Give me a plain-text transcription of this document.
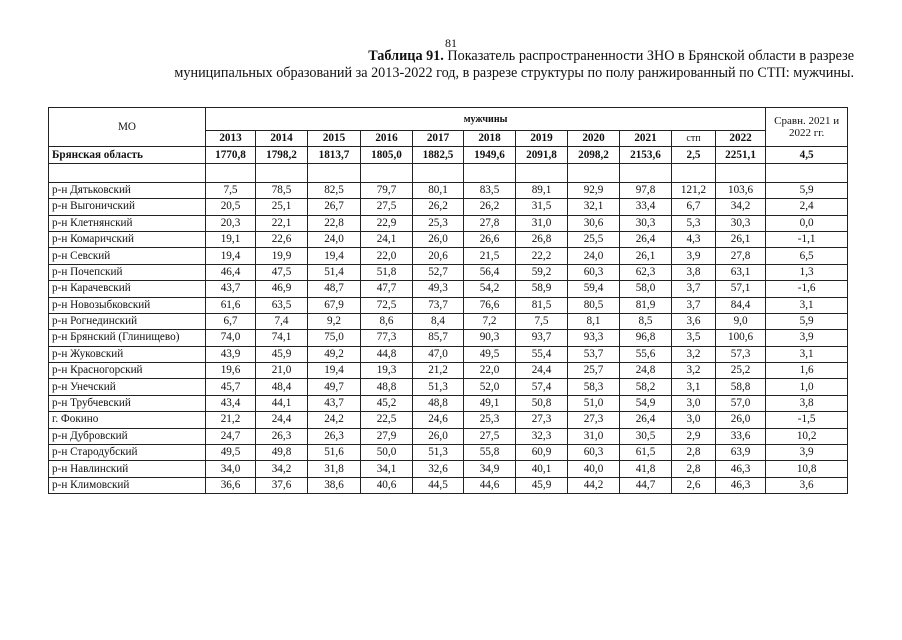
81
Таблица 91. Показатель распространенности ЗНО в Брянской области в разрезе
муниципальных образований за 2013-2022 год, в разрезе структуры по полу ранжированный по СТП: мужчины.
МО	мужчины											Сравн. 2021 и 2022 гг.
	2013	2014	2015	2016	2017	2018	2019	2020	2021	стп	2022	
Брянская область	1770,8	1798,2	1813,7	1805,0	1882,5	1949,6	2091,8	2098,2	2153,6	2,5	2251,1	4,5

р-н Дятьковский	7,5	78,5	82,5	79,7	80,1	83,5	89,1	92,9	97,8	121,2	103,6	5,9
р-н Выгоничский	20,5	25,1	26,7	27,5	26,2	26,2	31,5	32,1	33,4	6,7	34,2	2,4
р-н Клетнянский	20,3	22,1	22,8	22,9	25,3	27,8	31,0	30,6	30,3	5,3	30,3	0,0
р-н Комаричский	19,1	22,6	24,0	24,1	26,0	26,6	26,8	25,5	26,4	4,3	26,1	-1,1
р-н Севский	19,4	19,9	19,4	22,0	20,6	21,5	22,2	24,0	26,1	3,9	27,8	6,5
р-н Почепский	46,4	47,5	51,4	51,8	52,7	56,4	59,2	60,3	62,3	3,8	63,1	1,3
р-н Карачевский	43,7	46,9	48,7	47,7	49,3	54,2	58,9	59,4	58,0	3,7	57,1	-1,6
р-н Новозыбковский	61,6	63,5	67,9	72,5	73,7	76,6	81,5	80,5	81,9	3,7	84,4	3,1
р-н Рогнединский	6,7	7,4	9,2	8,6	8,4	7,2	7,5	8,1	8,5	3,6	9,0	5,9
р-н Брянский (Глинищево)	74,0	74,1	75,0	77,3	85,7	90,3	93,7	93,3	96,8	3,5	100,6	3,9
р-н Жуковский	43,9	45,9	49,2	44,8	47,0	49,5	55,4	53,7	55,6	3,2	57,3	3,1
р-н Красногорский	19,6	21,0	19,4	19,3	21,2	22,0	24,4	25,7	24,8	3,2	25,2	1,6
р-н Унечский	45,7	48,4	49,7	48,8	51,3	52,0	57,4	58,3	58,2	3,1	58,8	1,0
р-н Трубчевский	43,4	44,1	43,7	45,2	48,8	49,1	50,8	51,0	54,9	3,0	57,0	3,8
г. Фокино	21,2	24,4	24,2	22,5	24,6	25,3	27,3	27,3	26,4	3,0	26,0	-1,5
р-н Дубровский	24,7	26,3	26,3	27,9	26,0	27,5	32,3	31,0	30,5	2,9	33,6	10,2
р-н Стародубский	49,5	49,8	51,6	50,0	51,3	55,8	60,9	60,3	61,5	2,8	63,9	3,9
р-н Навлинский	34,0	34,2	31,8	34,1	32,6	34,9	40,1	40,0	41,8	2,8	46,3	10,8
р-н Климовский	36,6	37,6	38,6	40,6	44,5	44,6	45,9	44,2	44,7	2,6	46,3	3,6
